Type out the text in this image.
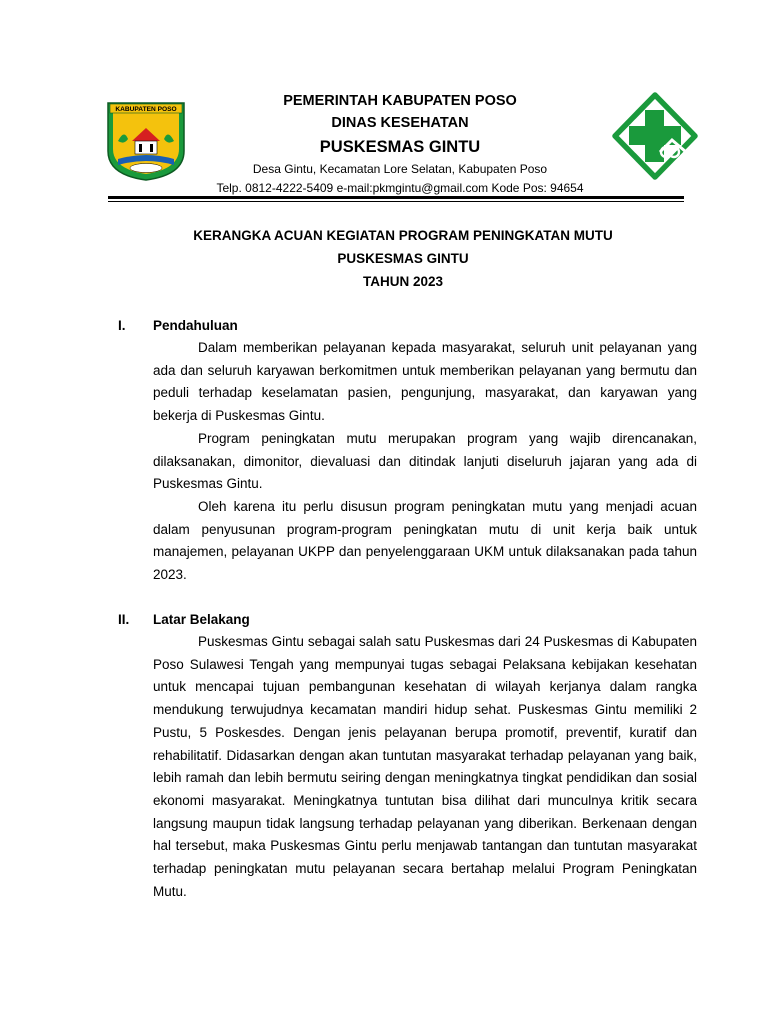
KABUPATEN POSO
PEMERINTAH KABUPATEN POSO
DINAS KESEHATAN
PUSKESMAS GINTU
Desa Gintu, Kecamatan Lore Selatan, Kabupaten Poso
Telp. 0812-4222-5409 e-mail:pkmgintu@gmail.com Kode Pos: 94654
KERANGKA ACUAN KEGIATAN PROGRAM PENINGKATAN MUTU
PUSKESMAS GINTU
TAHUN 2023
I. Pendahuluan

Dalam memberikan pelayanan kepada masyarakat, seluruh unit pelayanan yang ada dan seluruh karyawan berkomitmen untuk memberikan pelayanan yang bermutu dan peduli terhadap keselamatan pasien, pengunjung, masyarakat, dan karyawan yang bekerja di Puskesmas Gintu.

Program peningkatan mutu merupakan program yang wajib direncanakan, dilaksanakan, dimonitor, dievaluasi dan ditindak lanjuti diseluruh jajaran yang ada di Puskesmas Gintu.

Oleh karena itu perlu disusun program peningkatan mutu yang menjadi acuan dalam penyusunan program-program peningkatan mutu di unit kerja baik untuk manajemen, pelayanan UKPP dan penyelenggaraan UKM untuk dilaksanakan pada tahun 2023.

II. Latar Belakang

Puskesmas Gintu sebagai salah satu Puskesmas dari 24 Puskesmas di Kabupaten Poso Sulawesi Tengah yang mempunyai tugas sebagai Pelaksana kebijakan kesehatan untuk mencapai tujuan pembangunan kesehatan di wilayah kerjanya dalam rangka mendukung terwujudnya kecamatan mandiri hidup sehat. Puskesmas Gintu memiliki 2 Pustu, 5 Poskesdes. Dengan jenis pelayanan berupa promotif, preventif, kuratif dan rehabilitatif. Didasarkan dengan akan tuntutan masyarakat terhadap pelayanan yang baik, lebih ramah dan lebih bermutu seiring dengan meningkatnya tingkat pendidikan dan sosial ekonomi masyarakat. Meningkatnya tuntutan bisa dilihat dari munculnya kritik secara langsung maupun tidak langsung terhadap pelayanan yang diberikan. Berkenaan dengan hal tersebut, maka Puskesmas Gintu perlu menjawab tantangan dan tuntutan masyarakat terhadap peningkatan mutu pelayanan secara bertahap melalui Program Peningkatan Mutu.
